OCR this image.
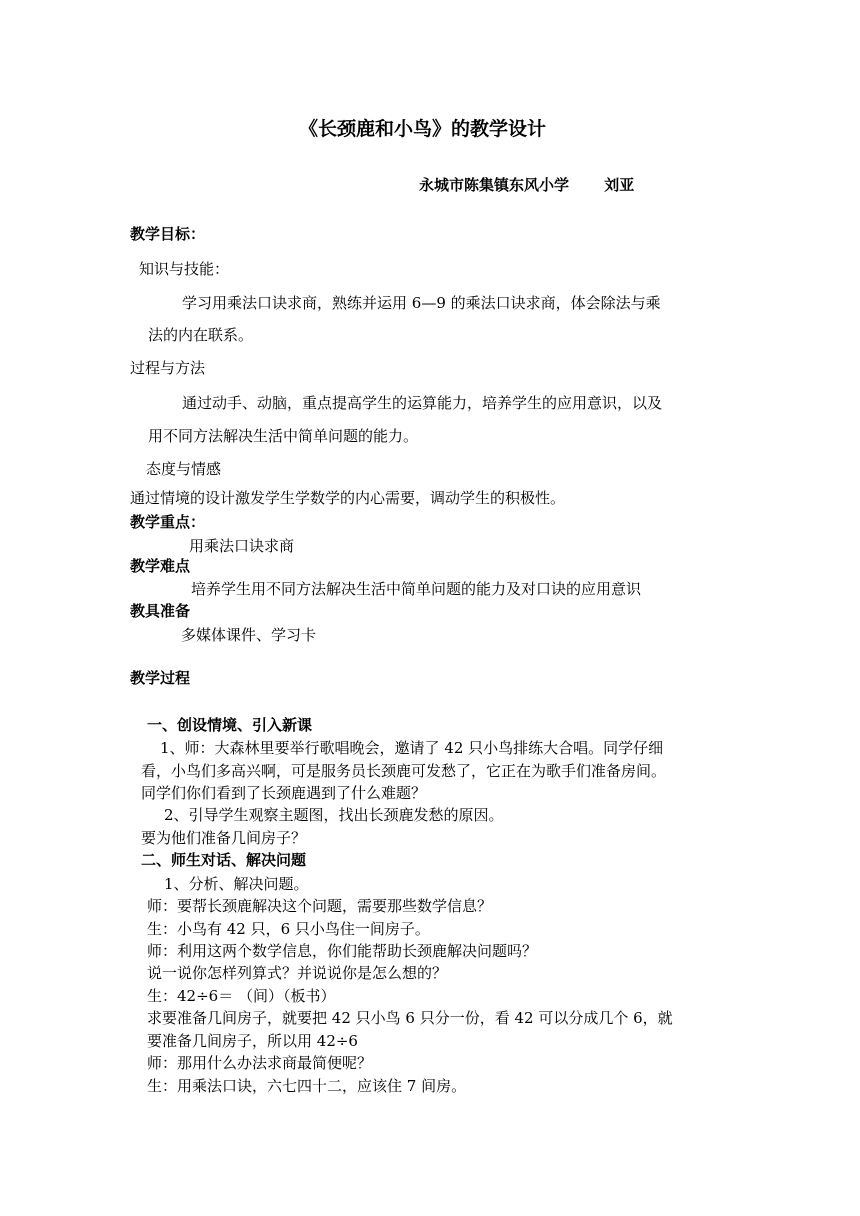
《长颈鹿和小鸟》的教学设计
永城市陈集镇东风小学　　 刘亚
教学目标：
知识与技能：
学习用乘法口诀求商，熟练并运用 6—9 的乘法口诀求商，体会除法与乘
法的内在联系。
过程与方法
通过动手、动脑，重点提高学生的运算能力，培养学生的应用意识，以及
用不同方法解决生活中简单问题的能力。
态度与情感
通过情境的设计激发学生学数学的内心需要，调动学生的积极性。
教学重点：
用乘法口诀求商
教学难点
培养学生用不同方法解决生活中简单问题的能力及对口诀的应用意识
教具准备
多媒体课件、学习卡
教学过程
一、创设情境、引入新课
1、师：大森林里要举行歌唱晚会，邀请了 42 只小鸟排练大合唱。同学仔细
看，小鸟们多高兴啊，可是服务员长颈鹿可发愁了，它正在为歌手们准备房间。
同学们你们看到了长颈鹿遇到了什么难题？
2、引导学生观察主题图，找出长颈鹿发愁的原因。
要为他们准备几间房子？
二、师生对话、解决问题
1、分析、解决问题。
师：要帮长颈鹿解决这个问题，需要那些数学信息？
生：小鸟有 42 只，6 只小鸟住一间房子。
师：利用这两个数学信息，你们能帮助长颈鹿解决问题吗？
说一说你怎样列算式？并说说你是怎么想的？
生：42÷6＝ （间）（板书）
求要准备几间房子，就要把 42 只小鸟 6 只分一份，看 42 可以分成几个 6，就
要准备几间房子，所以用 42÷6
师：那用什么办法求商最简便呢？
生：用乘法口诀，六七四十二，应该住 7 间房。
